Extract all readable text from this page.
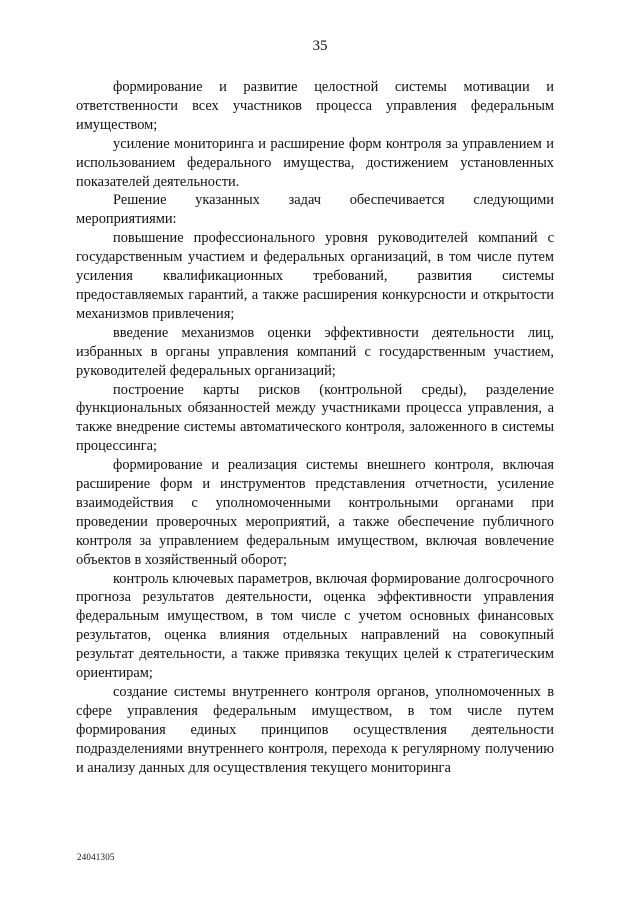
35

формирование и развитие целостной системы мотивации и ответственности всех участников процесса управления федеральным имуществом;

усиление мониторинга и расширение форм контроля за управлением и использованием федерального имущества, достижением установленных показателей деятельности.

Решение указанных задач обеспечивается следующими мероприятиями:

повышение профессионального уровня руководителей компаний с государственным участием и федеральных организаций, в том числе путем усиления квалификационных требований, развития системы предоставляемых гарантий, а также расширения конкурсности и открытости механизмов привлечения;

введение механизмов оценки эффективности деятельности лиц, избранных в органы управления компаний с государственным участием, руководителей федеральных организаций;

построение карты рисков (контрольной среды), разделение функциональных обязанностей между участниками процесса управления, а также внедрение системы автоматического контроля, заложенного в системы процессинга;

формирование и реализация системы внешнего контроля, включая расширение форм и инструментов представления отчетности, усиление взаимодействия с уполномоченными контрольными органами при проведении проверочных мероприятий, а также обеспечение публичного контроля за управлением федеральным имуществом, включая вовлечение объектов в хозяйственный оборот;

контроль ключевых параметров, включая формирование долгосрочного прогноза результатов деятельности, оценка эффективности управления федеральным имуществом, в том числе с учетом основных финансовых результатов, оценка влияния отдельных направлений на совокупный результат деятельности, а также привязка текущих целей к стратегическим ориентирам;

создание системы внутреннего контроля органов, уполномоченных в сфере управления федеральным имуществом, в том числе путем формирования единых принципов осуществления деятельности подразделениями внутреннего контроля, перехода к регулярному получению и анализу данных для осуществления текущего мониторинга

24041305
